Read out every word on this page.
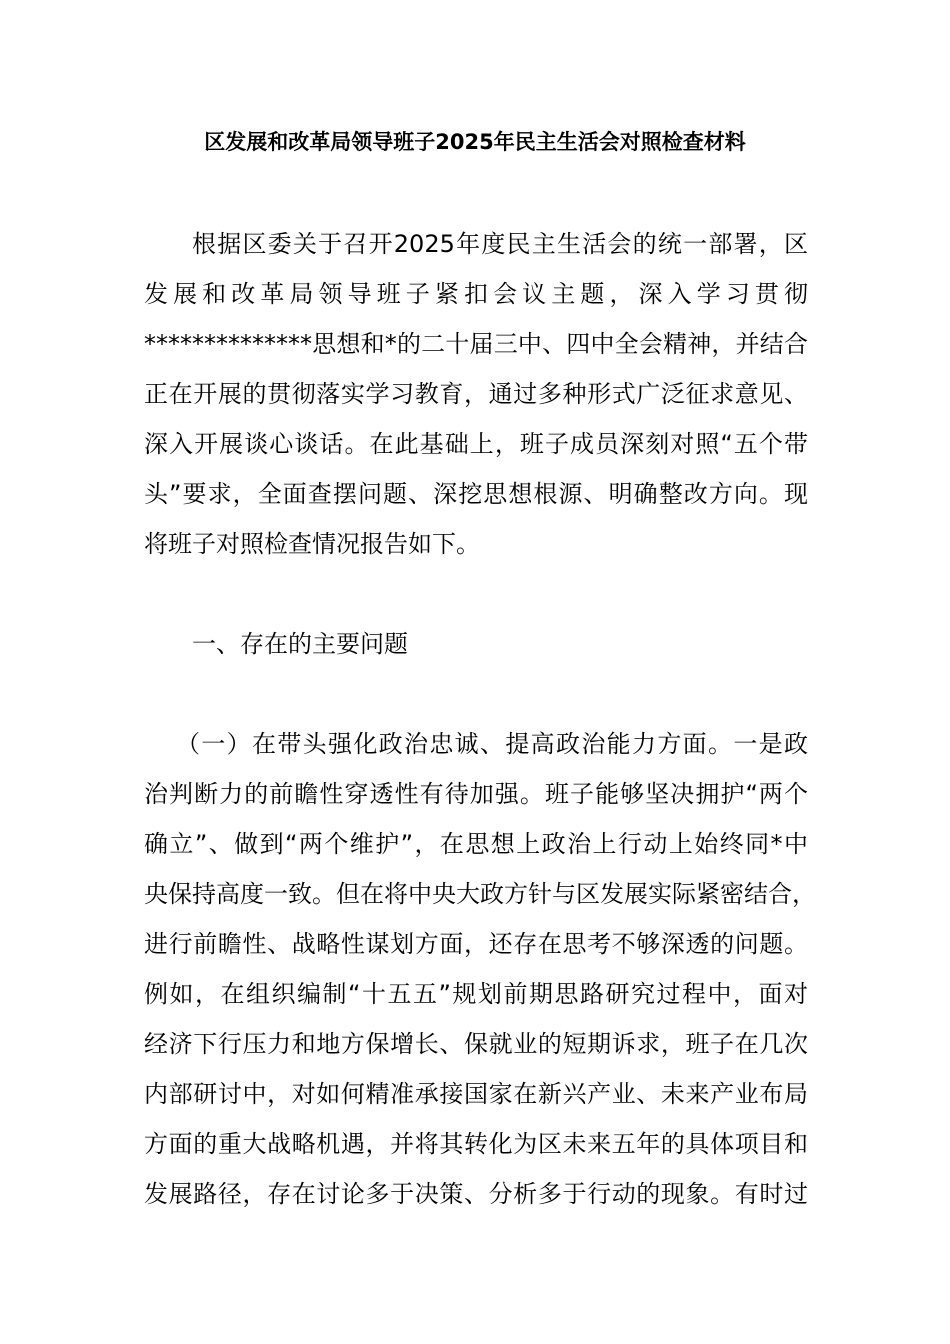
区发展和改革局领导班子2025年民主生活会对照检查材料
根据区委关于召开2025年度民主生活会的统一部署，区
发展和改革局领导班子紧扣会议主题，深入学习贯彻
**************思想和*的二十届三中、四中全会精神，并结合
正在开展的贯彻落实学习教育，通过多种形式广泛征求意见、
深入开展谈心谈话。在此基础上，班子成员深刻对照“五个带
头”要求，全面查摆问题、深挖思想根源、明确整改方向。现
将班子对照检查情况报告如下。
一、存在的主要问题
（一）在带头强化政治忠诚、提高政治能力方面。一是政
治判断力的前瞻性穿透性有待加强。班子能够坚决拥护“两个
确立”、做到“两个维护”，在思想上政治上行动上始终同*中
央保持高度一致。但在将中央大政方针与区发展实际紧密结合，
进行前瞻性、战略性谋划方面，还存在思考不够深透的问题。
例如，在组织编制“十五五”规划前期思路研究过程中，面对
经济下行压力和地方保增长、保就业的短期诉求，班子在几次
内部研讨中，对如何精准承接国家在新兴产业、未来产业布局
方面的重大战略机遇，并将其转化为区未来五年的具体项目和
发展路径，存在讨论多于决策、分析多于行动的现象。有时过
